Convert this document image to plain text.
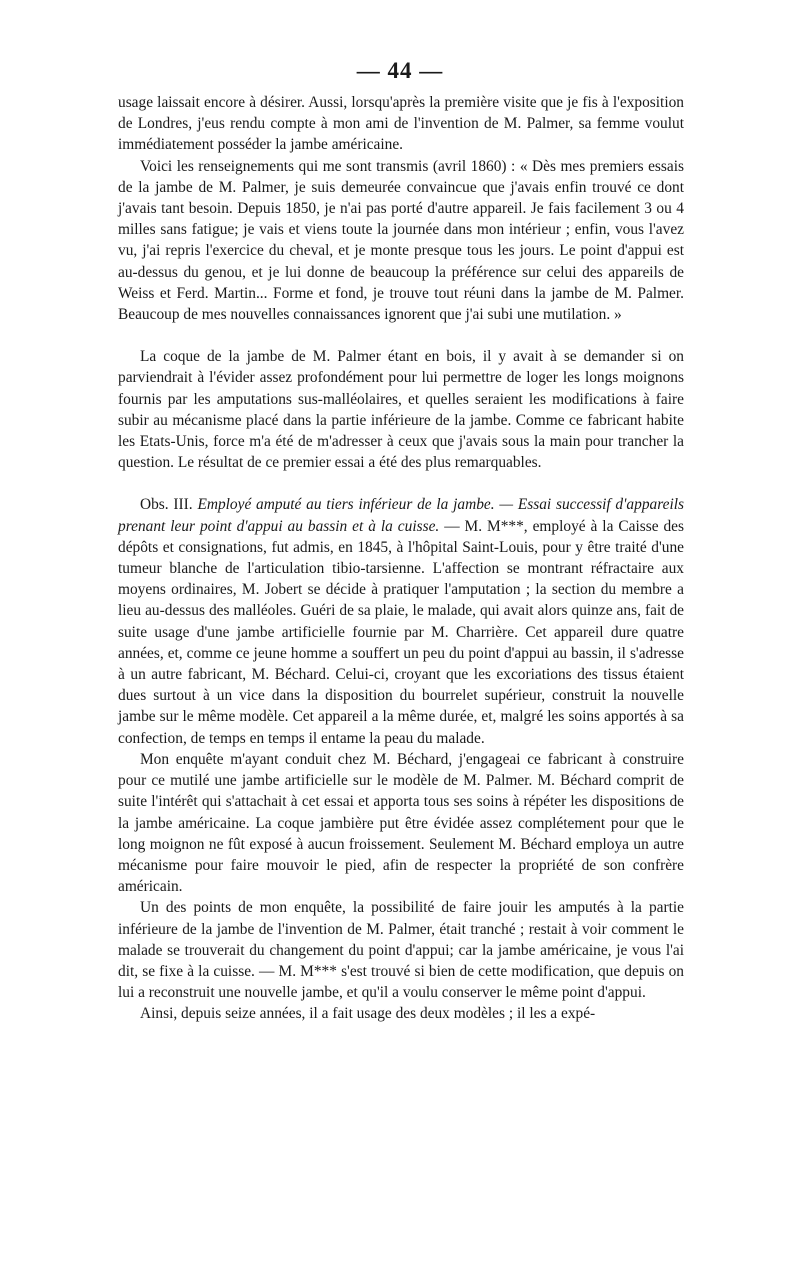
— 44 —

usage laissait encore à désirer. Aussi, lorsqu'après la première visite que je fis à l'exposition de Londres, j'eus rendu compte à mon ami de l'invention de M. Palmer, sa femme voulut immédiatement posséder la jambe américaine.

Voici les renseignements qui me sont transmis (avril 1860) : « Dès mes premiers essais de la jambe de M. Palmer, je suis demeurée convaincue que j'avais enfin trouvé ce dont j'avais tant besoin. Depuis 1850, je n'ai pas porté d'autre appareil. Je fais facilement 3 ou 4 milles sans fatigue; je vais et viens toute la journée dans mon intérieur ; enfin, vous l'avez vu, j'ai repris l'exercice du cheval, et je monte presque tous les jours. Le point d'appui est au-dessus du genou, et je lui donne de beaucoup la préférence sur celui des appareils de Weiss et Ferd. Martin... Forme et fond, je trouve tout réuni dans la jambe de M. Palmer. Beaucoup de mes nouvelles connaissances ignorent que j'ai subi une mutilation. »

La coque de la jambe de M. Palmer étant en bois, il y avait à se demander si on parviendrait à l'évider assez profondément pour lui permettre de loger les longs moignons fournis par les amputations sus-malléolaires, et quelles seraient les modifications à faire subir au mécanisme placé dans la partie inférieure de la jambe. Comme ce fabricant habite les Etats-Unis, force m'a été de m'adresser à ceux que j'avais sous la main pour trancher la question. Le résultat de ce premier essai a été des plus remarquables.

Obs. III. Employé amputé au tiers inférieur de la jambe. — Essai successif d'appareils prenant leur point d'appui au bassin et à la cuisse. — M. M***, employé à la Caisse des dépôts et consignations, fut admis, en 1845, à l'hôpital Saint-Louis, pour y être traité d'une tumeur blanche de l'articulation tibio-tarsienne. L'affection se montrant réfractaire aux moyens ordinaires, M. Jobert se décide à pratiquer l'amputation ; la section du membre a lieu au-dessus des malléoles. Guéri de sa plaie, le malade, qui avait alors quinze ans, fait de suite usage d'une jambe artificielle fournie par M. Charrière. Cet appareil dure quatre années, et, comme ce jeune homme a souffert un peu du point d'appui au bassin, il s'adresse à un autre fabricant, M. Béchard. Celui-ci, croyant que les excoriations des tissus étaient dues surtout à un vice dans la disposition du bourrelet supérieur, construit la nouvelle jambe sur le même modèle. Cet appareil a la même durée, et, malgré les soins apportés à sa confection, de temps en temps il entame la peau du malade.

Mon enquête m'ayant conduit chez M. Béchard, j'engageai ce fabricant à construire pour ce mutilé une jambe artificielle sur le modèle de M. Palmer. M. Béchard comprit de suite l'intérêt qui s'attachait à cet essai et apporta tous ses soins à répéter les dispositions de la jambe américaine. La coque jambière put être évidée assez complétement pour que le long moignon ne fût exposé à aucun froissement. Seulement M. Béchard employa un autre mécanisme pour faire mouvoir le pied, afin de respecter la propriété de son confrère américain.

Un des points de mon enquête, la possibilité de faire jouir les amputés à la partie inférieure de la jambe de l'invention de M. Palmer, était tranché ; restait à voir comment le malade se trouverait du changement du point d'appui; car la jambe américaine, je vous l'ai dit, se fixe à la cuisse. — M. M*** s'est trouvé si bien de cette modification, que depuis on lui a reconstruit une nouvelle jambe, et qu'il a voulu conserver le même point d'appui.

Ainsi, depuis seize années, il a fait usage des deux modèles ; il les a expé-
